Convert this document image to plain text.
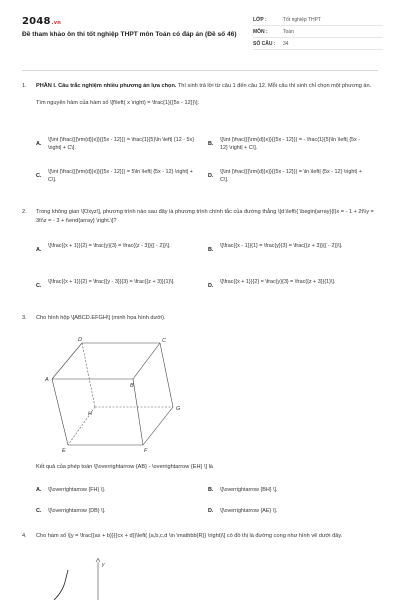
2048.vn
Đề tham khảo ôn thi tốt nghiệp THPT môn Toán có đáp án (Đề số 46)
LỚP :	Tốt nghiệp THPT
MÔN :	Toán
SỐ CÂU :	34
1.	PHẦN I. Câu trắc nghiệm nhiều phương án lựa chọn. Thí sinh trả lời từ câu 1 đến câu 12. Mỗi câu thí sinh chỉ chọn một phương án.
Tìm nguyên hàm của hàm số \[f\left( x \right) = \frac{1}{{5x - 12}}\].
A.
\[\int {\frac{{{\rm{d}}x}}{{5x - 12}}} = \frac{1}{5}\ln \left| {12 - 5x} \right| + C\].
B.
\[\int {\frac{{{\rm{d}}x}}{{5x - 12}}} = - \frac{1}{5}\ln \left| {5x - 12} \right| + C\].
C.
\[\int {\frac{{{\rm{d}}x}}{{5x - 12}}} = 5\ln \left| {5x - 12} \right| + C\].
D.
\[\int {\frac{{{\rm{d}}x}}{{5x - 12}}} = \ln \left| {5x - 12} \right| + C\].
2.	Trong không gian \[Oxyz\], phương trình nào sau đây là phương trình chính tắc của đường thẳng \[d:\left\{ \begin{array}{l}x = - 1 + 2t\\y = 3t\\z = - 3 + t\end{array} \right.\]?
A.
\[\frac{{x + 1}}{2} = \frac{y}{3} = \frac{{z - 3}}{{ - 2}}\].
B.
\[\frac{{x - 1}}{1} = \frac{y}{3} = \frac{{z + 3}}{{ - 2}}\].
C.
\[\frac{{x + 1}}{2} = \frac{{y - 3}}{3} = \frac{{z + 3}}{1}\].
D.
\[\frac{{x + 1}}{2} = \frac{y}{3} = \frac{{z + 3}}{1}\].
3.	Cho hình hộp \[ABCD.EFGH\] (minh họa hình dưới).
A
B
C
D
E	F
G
H
Kết quả của phép toán \[\overrightarrow {AB} - \overrightarrow {EH} \] là
A. \[\overrightarrow {FH} \].	B. \[\overrightarrow {BH} \].
C. \[\overrightarrow {DB} \].	D. \[\overrightarrow {AE} \].
4.	Cho hàm số \[y = \frac{{ax + b}}{{cx + d}}\left( {a,b,c,d \in \mathbb{R}} \right)\] có đồ thị là đường cong như hình vẽ dưới đây.
y
